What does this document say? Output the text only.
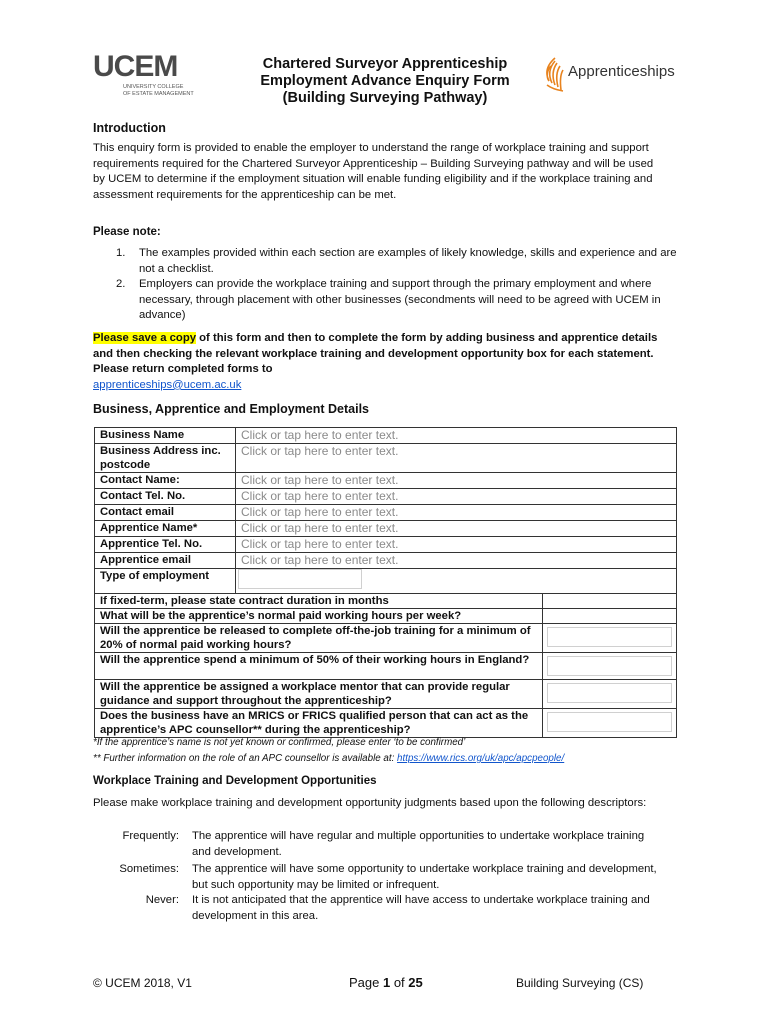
UCEM
UNIVERSITY COLLEGE
OF ESTATE MANAGEMENT
Chartered Surveyor Apprenticeship
Employment Advance Enquiry Form
(Building Surveying Pathway)
Apprenticeships
Introduction
This enquiry form is provided to enable the employer to understand the range of workplace training and support requirements required for the Chartered Surveyor Apprenticeship – Building Surveying pathway and will be used by UCEM to determine if the employment situation will enable funding eligibility and if the workplace training and assessment requirements for the apprenticeship can be met.
Please note:
1. The examples provided within each section are examples of likely knowledge, skills and experience and are not a checklist.
2. Employers can provide the workplace training and support through the primary employment and where necessary, through placement with other businesses (secondments will need to be agreed with UCEM in advance)
Please save a copy of this form and then to complete the form by adding business and apprentice details and then checking the relevant workplace training and development opportunity box for each statement. Please return completed forms to
apprenticeships@ucem.ac.uk
Business, Apprentice and Employment Details
Business Name	Click or tap here to enter text.	
Business Address inc. postcode	Click or tap here to enter text.	
Contact Name:	Click or tap here to enter text.	
Contact Tel. No.	Click or tap here to enter text.	
Contact email	Click or tap here to enter text.	
Apprentice Name*	Click or tap here to enter text.	
Apprentice Tel. No.	Click or tap here to enter text.	
Apprentice email	Click or tap here to enter text.	
Type of employment		
If fixed-term, please state contract duration in months		

What will be the apprentice’s normal paid working hours per week?		

Will the apprentice be released to complete off-the-job training for a minimum of 20% of normal paid working hours?		

Will the apprentice spend a minimum of 50% of their working hours in England?		

Will the apprentice be assigned a workplace mentor that can provide regular guidance and support throughout the apprenticeship?		

Does the business have an MRICS or FRICS qualified person that can act as the apprentice’s APC counsellor** during the apprenticeship?		
*If the apprentice’s name is not yet known or confirmed, please enter ‘to be confirmed’
** Further information on the role of an APC counsellor is available at: https://www.rics.org/uk/apc/apcpeople/
Workplace Training and Development Opportunities
Please make workplace training and development opportunity judgments based upon the following descriptors:
Frequently: The apprentice will have regular and multiple opportunities to undertake workplace training and development.
Sometimes: The apprentice will have some opportunity to undertake workplace training and development, but such opportunity may be limited or infrequent.
Never: It is not anticipated that the apprentice will have access to undertake workplace training and development in this area.
© UCEM 2018, V1	Page 1 of 25	Building Surveying (CS)
